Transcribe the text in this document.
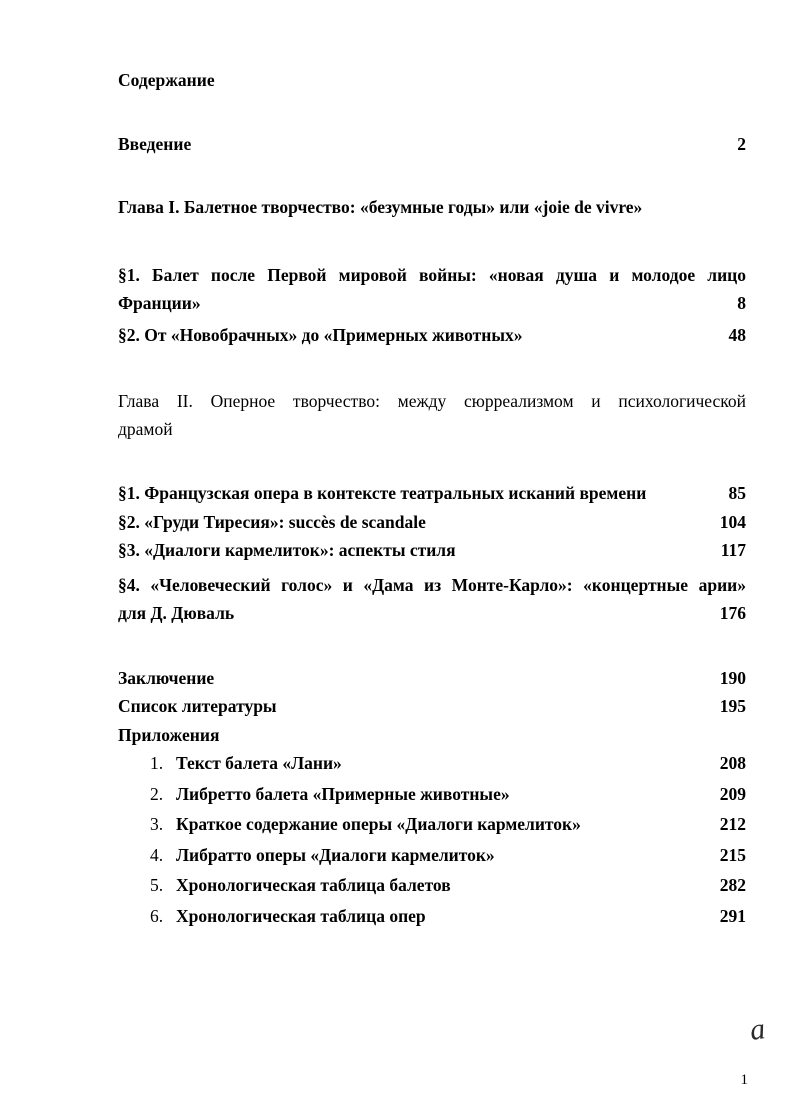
Содержание
Введение	2
Глава I. Балетное творчество: «безумные годы» или «joie de vivre»
§1. Балет после Первой мировой войны: «новая душа и молодое лицо
Франции»	8
§2. От «Новобрачных» до «Примерных животных»	48
Глава II. Оперное творчество: между сюрреализмом и психологической
драмой
§1. Французская опера в контексте театральных исканий времени	85
§2. «Груди Тиресия»: succès de scandale	104
§3. «Диалоги кармелиток»: аспекты стиля	117
§4. «Человеческий голос» и «Дама из Монте-Карло»: «концертные арии»
для Д. Дюваль	176
Заключение	190
Список литературы	195
Приложения
1. Текст балета «Лани»	208
2. Либретто балета «Примерные животные»	209
3. Краткое содержание оперы «Диалоги кармелиток»	212
4. Либратто оперы «Диалоги кармелиток»	215
5. Хронологическая таблица балетов	282
6. Хронологическая таблица опер	291
a
1
